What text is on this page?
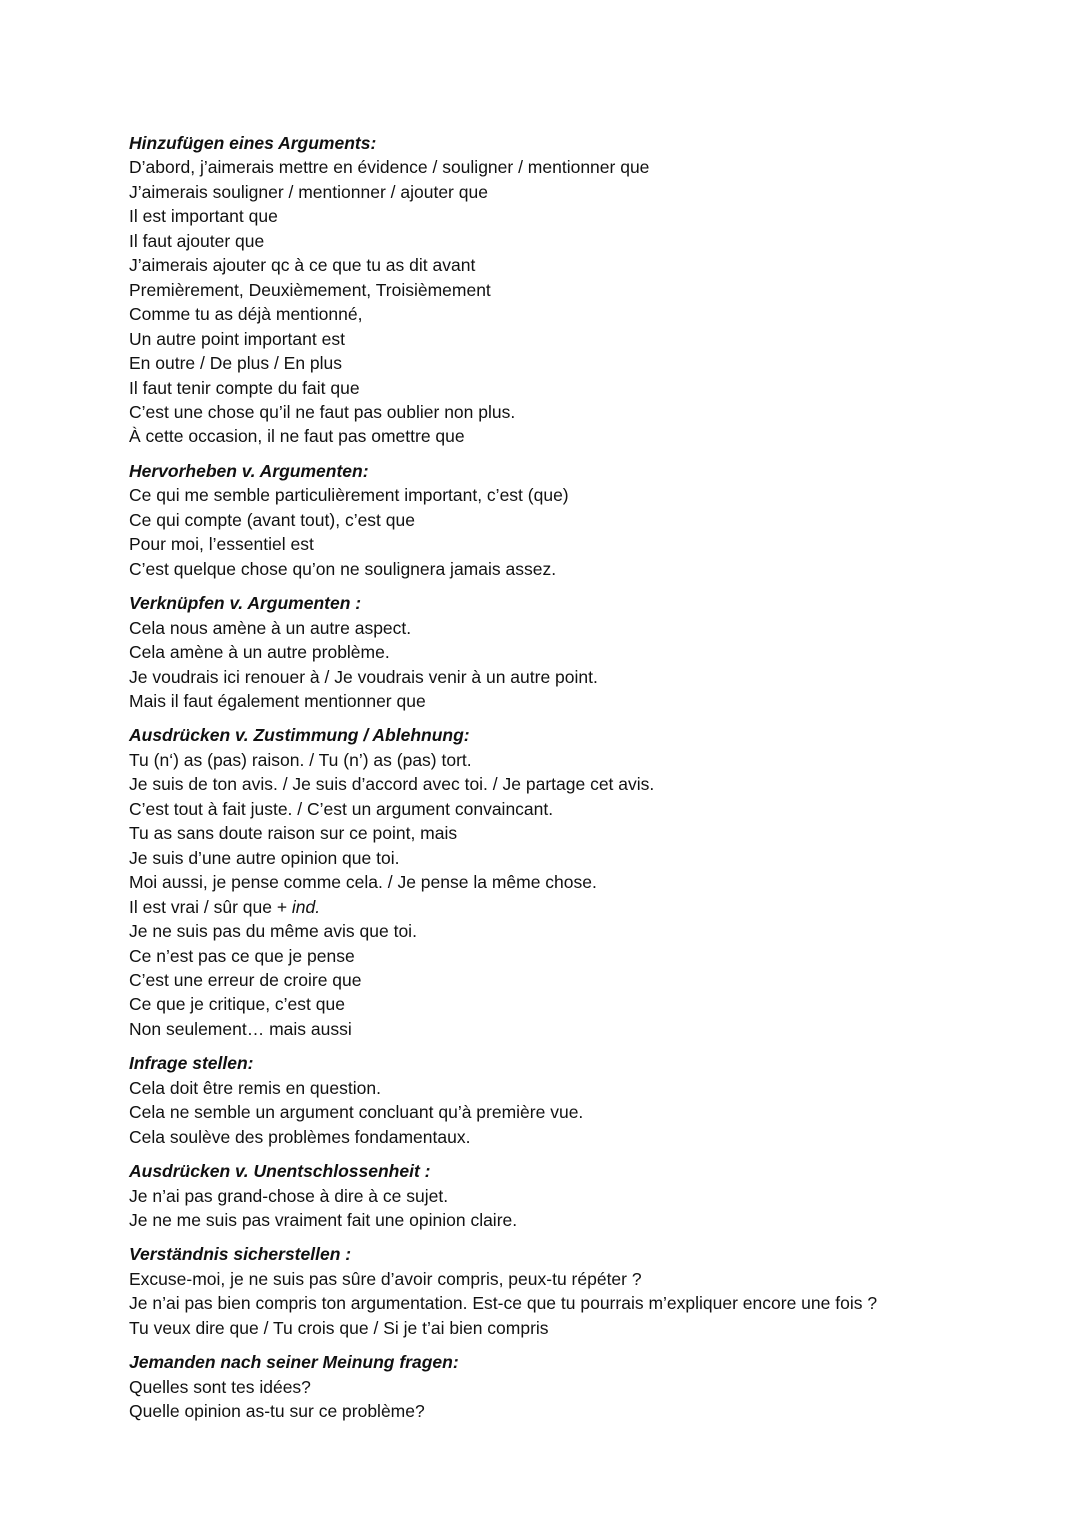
Hinzufügen eines Arguments:
D’abord, j’aimerais mettre en évidence / souligner / mentionner que
J’aimerais souligner / mentionner / ajouter que
Il est important que
Il faut ajouter que
J’aimerais ajouter qc à ce que tu as dit avant
Premièrement, Deuxièmement, Troisièmement
Comme tu as déjà mentionné,
Un autre point important est
En outre / De plus / En plus
Il faut tenir compte du fait que
C’est une chose qu’il ne faut pas oublier non plus.
À cette occasion, il ne faut pas omettre que
Hervorheben v. Argumenten:
Ce qui me semble particulièrement important, c’est (que)
Ce qui compte (avant tout), c’est que
Pour moi, l’essentiel est
C’est quelque chose qu’on ne soulignera jamais assez.
Verknüpfen v. Argumenten :
Cela nous amène à un autre aspect.
Cela amène à un autre problème.
Je voudrais ici renouer à / Je voudrais venir à un autre point.
Mais il faut également mentionner que
Ausdrücken v. Zustimmung / Ablehnung:
Tu (n‘) as (pas) raison. / Tu (n’) as (pas) tort.
Je suis de ton avis. / Je suis d’accord avec toi. / Je partage cet avis.
C’est tout à fait juste. / C’est un argument convaincant.
Tu as sans doute raison sur ce point, mais
Je suis d’une autre opinion que toi.
Moi aussi, je pense comme cela. / Je pense la même chose.
Il est vrai / sûr que + ind.
Je ne suis pas du même avis que toi.
Ce n’est pas ce que je pense
C’est une erreur de croire que
Ce que je critique, c’est que
Non seulement… mais aussi
Infrage stellen:
Cela doit être remis en question.
Cela ne semble un argument concluant qu’à première vue.
Cela soulève des problèmes fondamentaux.
Ausdrücken v. Unentschlossenheit :
Je n’ai pas grand-chose à dire à ce sujet.
Je ne me suis pas vraiment fait une opinion claire.
Verständnis sicherstellen :
Excuse-moi, je ne suis pas sûre d’avoir compris, peux-tu répéter ?
Je n’ai pas bien compris ton argumentation. Est-ce que tu pourrais m’expliquer encore une fois ?
Tu veux dire que / Tu crois que / Si je t’ai bien compris
Jemanden nach seiner Meinung fragen:
Quelles sont tes idées?
Quelle opinion as-tu sur ce problème?
